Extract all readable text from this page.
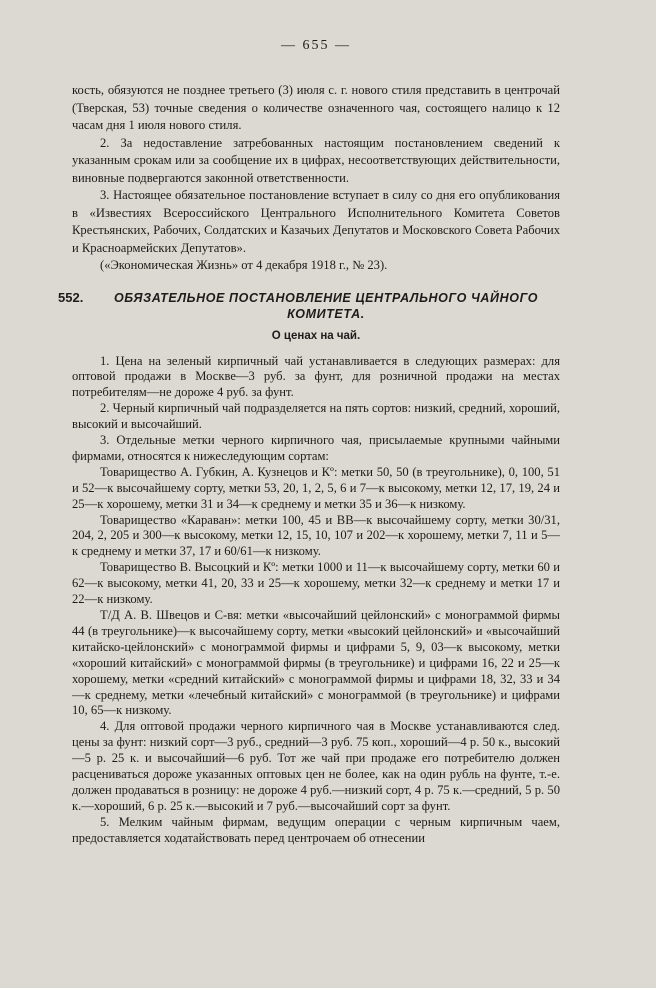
— 655 —

кость, обязуются не позднее третьего (3) июля с. г. нового стиля представить в центрочай (Тверская, 53) точные сведения о количестве означенного чая, состоящего налицо к 12 часам дня 1 июля нового стиля.

2. За недоставление затребованных настоящим постановлением сведений к указанным срокам или за сообщение их в цифрах, несоответствующих действительности, виновные подвергаются законной ответственности.

3. Настоящее обязательное постановление вступает в силу со дня его опубликования в «Известиях Всероссийского Центрального Исполнительного Комитета Советов Крестьянских, Рабочих, Солдатских и Казачьих Депутатов и Московского Совета Рабочих и Красноармейских Депутатов».

(«Экономическая Жизнь» от 4 декабря 1918 г., № 23).

552.	ОБЯЗАТЕЛЬНОЕ ПОСТАНОВЛЕНИЕ ЦЕНТРАЛЬНОГО ЧАЙНОГО КОМИТЕТА.
О ценах на чай.

1. Цена на зеленый кирпичный чай устанавливается в следующих размерах: для оптовой продажи в Москве—3 руб. за фунт, для розничной продажи на местах потребителям—не дороже 4 руб. за фунт.

2. Черный кирпичный чай подразделяется на пять сортов: низкий, средний, хороший, высокий и высочайший.

3. Отдельные метки черного кирпичного чая, присылаемые крупными чайными фирмами, относятся к нижеследующим сортам:

Товарищество А. Губкин, А. Кузнецов и Кº: метки 50, 50 (в треугольнике), 0, 100, 51 и 52—к высочайшему сорту, метки 53, 20, 1, 2, 5, 6 и 7—к высокому, метки 12, 17, 19, 24 и 25—к хорошему, метки 31 и 34—к среднему и метки 35 и 36—к низкому.

Товарищество «Караван»: метки 100, 45 и ВВ—к высочайшему сорту, метки 30/31, 204, 2, 205 и 300—к высокому, метки 12, 15, 10, 107 и 202—к хорошему, метки 7, 11 и 5—к среднему и метки 37, 17 и 60/61—к низкому.

Товарищество В. Высоцкий и Кº: метки 1000 и 11—к высочайшему сорту, метки 60 и 62—к высокому, метки 41, 20, 33 и 25—к хорошему, метки 32—к среднему и метки 17 и 22—к низкому.

Т/Д А. В. Швецов и С-вя: метки «высочайший цейлонский» с монограммой фирмы 44 (в треугольнике)—к высочайшему сорту, метки «высокий цейлонский» и «высочайший китайско-цейлонский» с монограммой фирмы и цифрами 5, 9, 03—к высокому, метки «хороший китайский» с монограммой фирмы (в треугольнике) и цифрами 16, 22 и 25—к хорошему, метки «средний китайский» с монограммой фирмы и цифрами 18, 32, 33 и 34—к среднему, метки «лечебный китайский» с монограммой (в треугольнике) и цифрами 10, 65—к низкому.

4. Для оптовой продажи черного кирпичного чая в Москве устанавливаются след. цены за фунт: низкий сорт—3 руб., средний—3 руб. 75 коп., хороший—4 р. 50 к., высокий—5 р. 25 к. и высочайший—6 руб. Тот же чай при продаже его потребителю должен расцениваться дороже указанных оптовых цен не более, как на один рубль на фунте, т.-е. должен продаваться в розницу: не дороже 4 руб.—низкий сорт, 4 р. 75 к.—средний, 5 р. 50 к.—хороший, 6 р. 25 к.—высокий и 7 руб.—высочайший сорт за фунт.

5. Мелким чайным фирмам, ведущим операции с черным кирпичным чаем, предоставляется ходатайствовать перед центрочаем об отнесении
